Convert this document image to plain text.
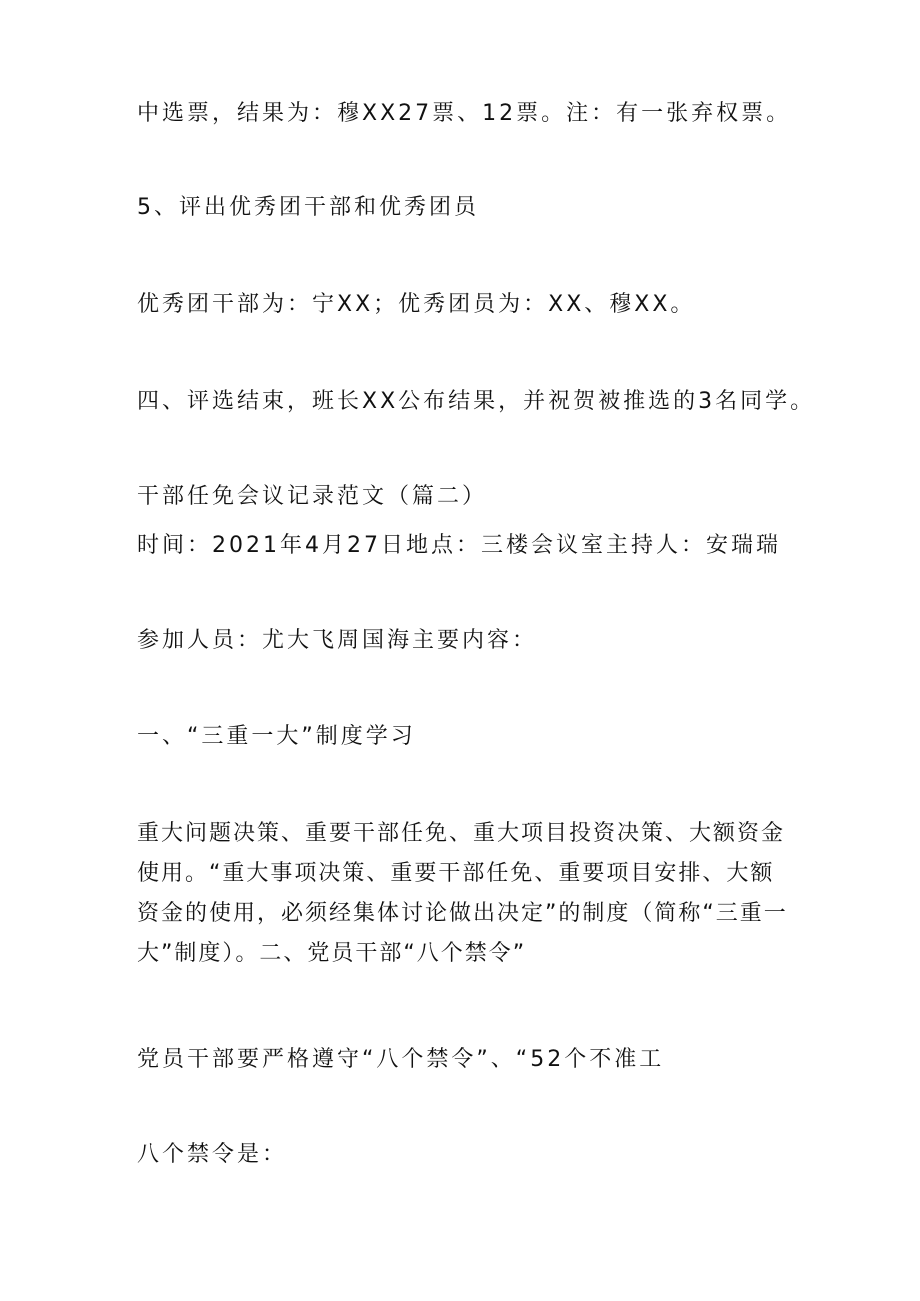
中选票，结果为：穆XX27票、12票。注：有一张弃权票。
5、评出优秀团干部和优秀团员
优秀团干部为：宁XX；优秀团员为：XX、穆XX。
四、评选结束，班长XX公布结果，并祝贺被推选的3名同学。
干部任免会议记录范文（篇二）
时间：2021年4月27日地点：三楼会议室主持人：安瑞瑞
参加人员：尤大飞周国海主要内容：
一、“三重一大”制度学习
重大问题决策、重要干部任免、重大项目投资决策、大额资金使用。“重大事项决策、重要干部任免、重要项目安排、大额资金的使用，必须经集体讨论做出决定”的制度（简称“三重一大”制度）。二、党员干部“八个禁令”
党员干部要严格遵守“八个禁令”、“52个不准工
八个禁令是：
